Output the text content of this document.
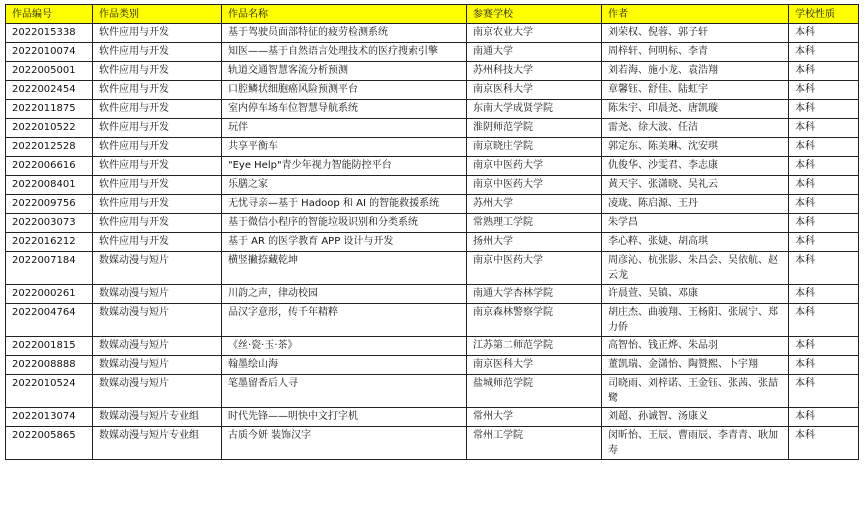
作品编号	作品类别	作品名称	参赛学校	作者	学校性质
2022015338	软件应用与开发	基于驾驶员面部特征的疲劳检测系统	南京农业大学	刘荣权、倪蓉、郭子轩	本科
2022010074	软件应用与开发	知医——基于自然语言处理技术的医疗搜索引擎	南通大学	周梓轩、何明标、李青	本科
2022005001	软件应用与开发	轨道交通智慧客流分析预测	苏州科技大学	刘若海、施小龙、袁浩翔	本科
2022002454	软件应用与开发	口腔鳞状细胞癌风险预测平台	南京医科大学	章馨钰、舒佳、陆虹宇	本科
2022011875	软件应用与开发	室内停车场车位智慧导航系统	东南大学成贤学院	陈朱宇、印晨尧、唐凯璇	本科
2022010522	软件应用与开发	玩伴	淮阴师范学院	雷尧、徐大波、任洁	本科
2022012528	软件应用与开发	共享平衡车	南京晓庄学院	郭定东、陈美琳、沈安琪	本科
2022006616	软件应用与开发	"Eye Help"青少年视力智能防控平台	南京中医药大学	仇俊华、沙雯君、李志康	本科
2022008401	软件应用与开发	乐膳之家	南京中医药大学	黄天宇、张潇晓、吴礼云	本科
2022009756	软件应用与开发	无忧寻亲—基于 Hadoop 和 AI 的智能救援系统	苏州大学	凌珑、陈启源、王丹	本科
2022003073	软件应用与开发	基于微信小程序的智能垃圾识别和分类系统	常熟理工学院	朱学昌	本科
2022016212	软件应用与开发	基于 AR 的医学教育 APP 设计与开发	扬州大学	李心粹、张婕、胡高琪	本科
2022007184	数媒动漫与短片	横竖撇捺藏乾坤	南京中医药大学	周彦沁、杭张影、朱昌会、吴依航、赵云龙	本科
2022000261	数媒动漫与短片	川韵之声，律动校园	南通大学杏林学院	许晨萱、吴镇、邓康	本科
2022004764	数媒动漫与短片	品汉字意形，传千年精粹	南京森林警察学院	胡庄杰、曲骏翔、王杨阳、张展宁、郑力侨	本科
2022001815	数媒动漫与短片	《丝·瓷·玉·茶》	江苏第二师范学院	高智怡、钱正烨、朱品羽	本科
2022008888	数媒动漫与短片	翰墨绘山海	南京医科大学	董凯瑞、金潇怡、陶赞熙、卜宇翔	本科
2022010524	数媒动漫与短片	笔墨留香后人寻	盐城师范学院	司晓雨、刘梓诺、王金钰、张茜、张喆鹭	本科
2022013074	数媒动漫与短片专业组	时代先锋——明快中文打字机	常州大学	刘超、孙诚智、汤康义	本科
2022005865	数媒动漫与短片专业组	古质今妍 装饰汉字	常州工学院	闵昕怡、王辰、曹雨辰、李青青、耿加寿	本科
